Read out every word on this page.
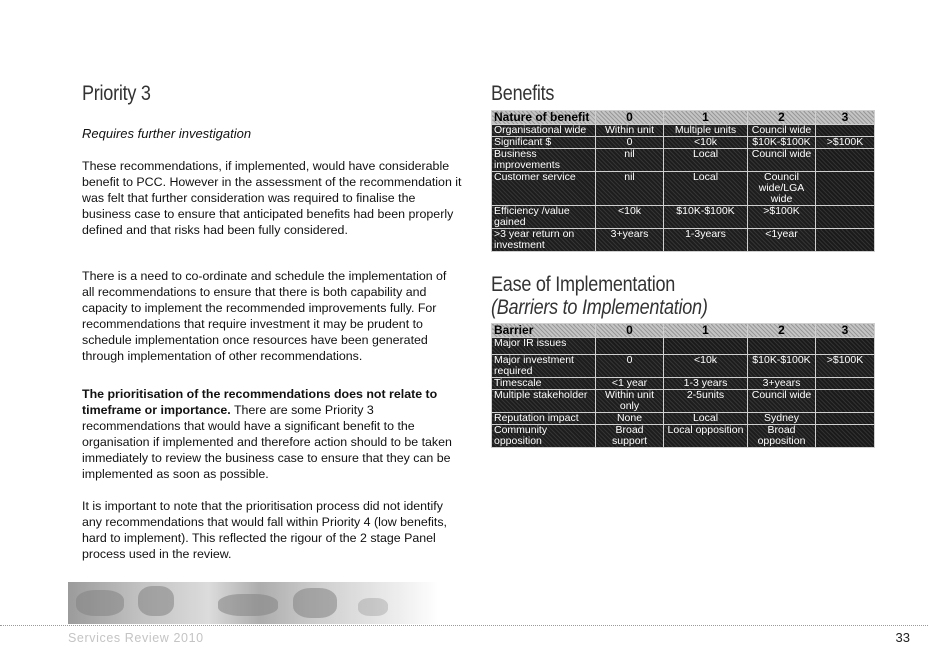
Priority 3
Requires further investigation

These recommendations, if implemented, would have considerable benefit to PCC. However in the assessment of the recommendation it was felt that further consideration was required to finalise the business case to ensure that anticipated benefits had been properly defined and that risks had been fully considered.

There is a need to co-ordinate and schedule the implementation of all recommendations to ensure that there is both capability and capacity to implement the recommended improvements fully. For recommendations that require investment it may be prudent to schedule implementation once resources have been generated through implementation of other recommendations.

The prioritisation of the recommendations does not relate to timeframe or importance. There are some Priority 3 recommendations that would have a significant benefit to the organisation if implemented and therefore action should to be taken immediately to review the business case to ensure that they can be implemented as soon as possible.

It is important to note that the prioritisation process did not identify any recommendations that would fall within Priority 4 (low benefits, hard to implement). This reflected the rigour of the 2 stage Panel process used in the review.

Benefits
Nature of benefit	0	1	2	3
Organisational wide	Within unit	Multiple units	Council wide	
Significant $	0	<10k	$10K-$100K	>$100K
Business improvements	nil	Local	Council wide	
Customer service	nil	Local	Council wide/LGA wide	
Efficiency /value gained	<10k	$10K-$100K	>$100K	
>3 year return on investment	3+years	1-3years	<1year	
Ease of Implementation
(Barriers to Implementation)
Barrier	0	1	2	3
Major IR issues				
Major investment required	0	<10k	$10K-$100K	>$100K
Timescale	<1 year	1-3 years	3+years	
Multiple stakeholder	Within unit only	2-5units	Council wide	
Reputation impact	None	Local	Sydney	
Community opposition	Broad support	Local opposition	Broad opposition	
Services Review 2010	33
